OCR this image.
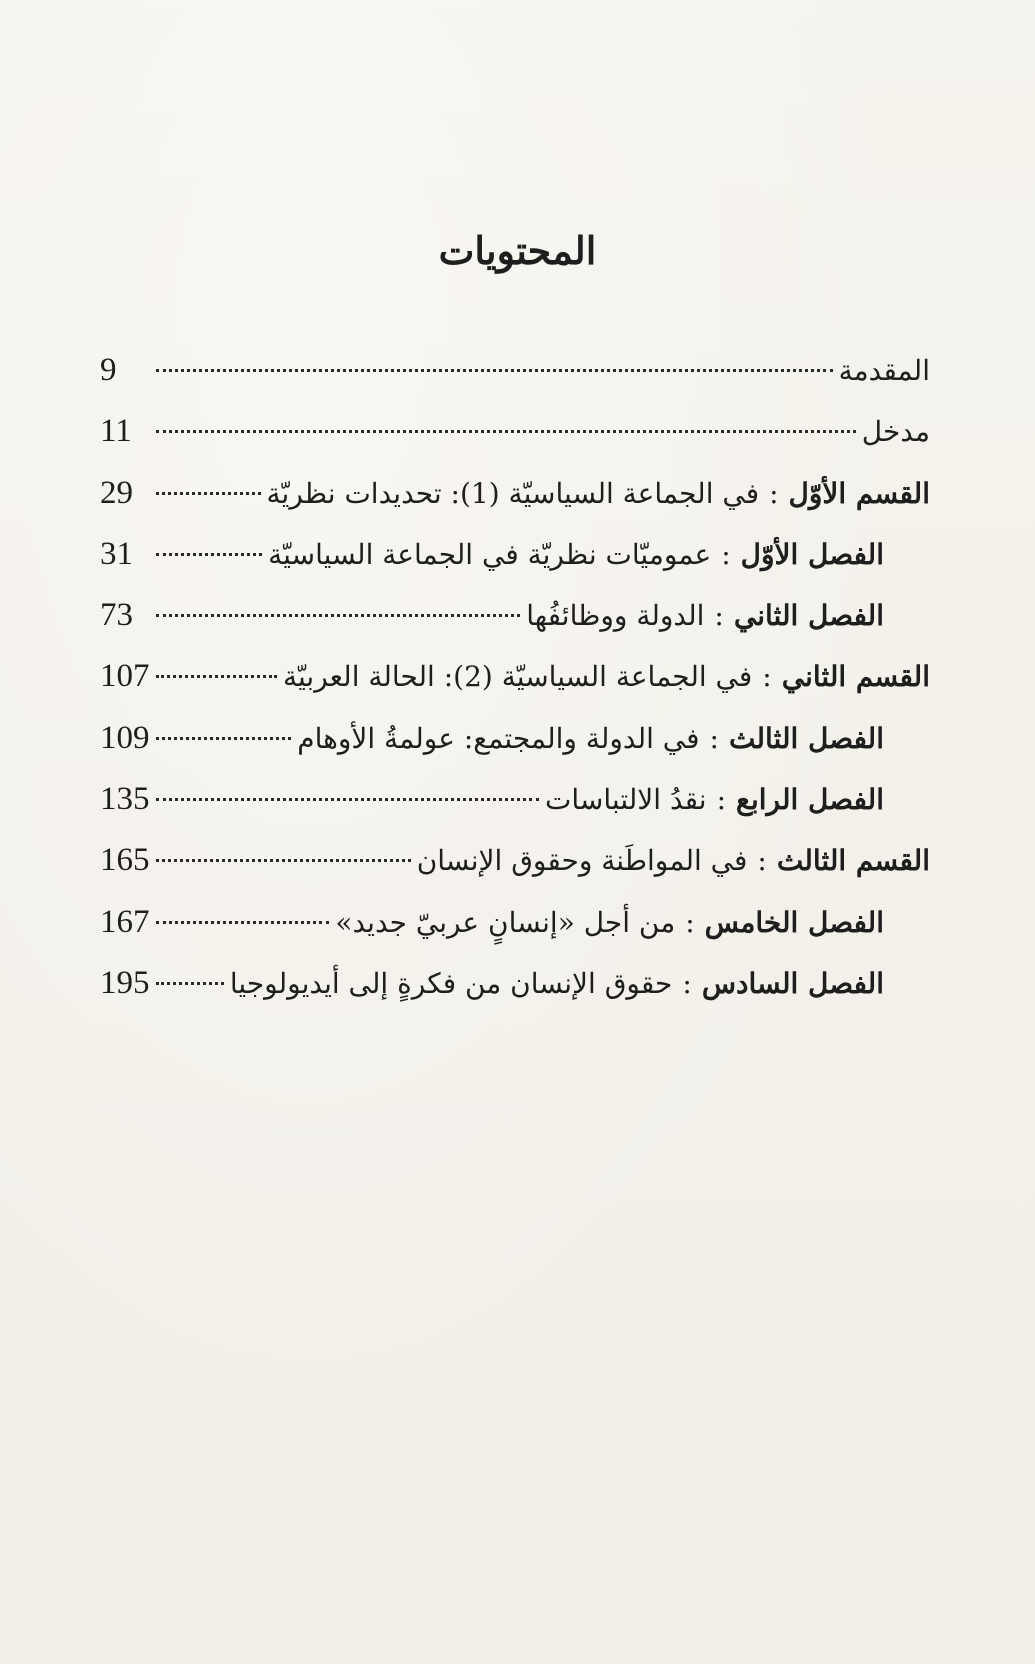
المحتويات
المقدمة
9
مدخل
11
القسم الأوّل:في الجماعة السياسيّة (1): تحديدات نظريّة
29
الفصل الأوّل:عموميّات نظريّة في الجماعة السياسيّة
31
الفصل الثاني:الدولة ووظائفُها
73
القسم الثاني:في الجماعة السياسيّة (2): الحالة العربيّة
107
الفصل الثالث:في الدولة والمجتمع: عولمةُ الأوهام
109
الفصل الرابع:نقدُ الالتباسات
135
القسم الثالث:في المواطَنة وحقوق الإنسان
165
الفصل الخامس:من أجل «إنسانٍ عربيّ جديد»
167
الفصل السادس:حقوق الإنسان من فكرةٍ إلى أيديولوجيا
195
